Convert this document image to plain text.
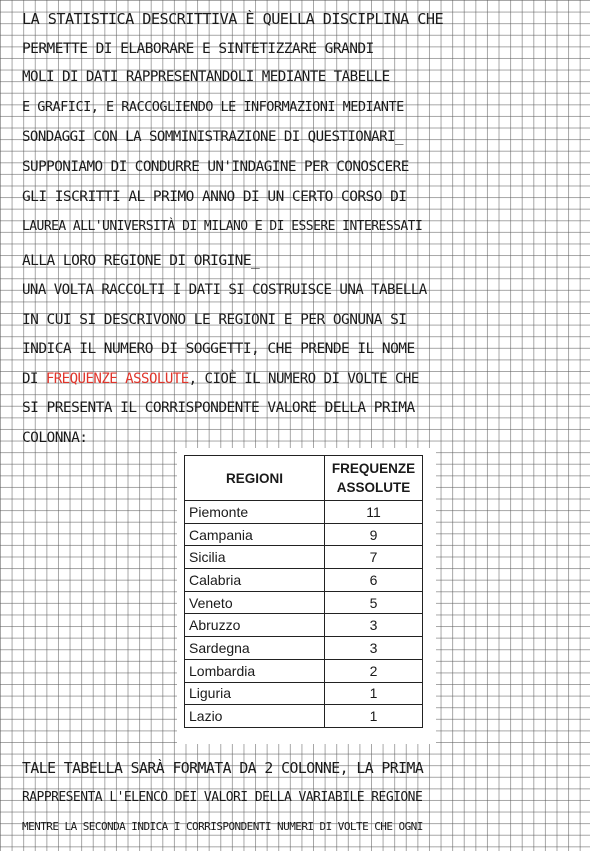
LA STATISTICA DESCRITTIVA È QUELLA DISCIPLINA CHE
PERMETTE DI ELABORARE E SINTETIZZARE GRANDI
MOLI DI DATI RAPPRESENTANDOLI MEDIANTE TABELLE
E GRAFICI, E RACCOGLIENDO LE INFORMAZIONI MEDIANTE
SONDAGGI CON LA SOMMINISTRAZIONE DI QUESTIONARI_
SUPPONIAMO DI CONDURRE UN'INDAGINE PER CONOSCERE
GLI ISCRITTI AL PRIMO ANNO DI UN CERTO CORSO DI
LAUREA ALL'UNIVERSITÀ DI MILANO E DI ESSERE INTERESSATI
ALLA LORO REGIONE DI ORIGINE_
UNA VOLTA RACCOLTI I DATI SI COSTRUISCE UNA TABELLA
IN CUI SI DESCRIVONO LE REGIONI E PER OGNUNA SI
INDICA IL NUMERO DI SOGGETTI, CHE PRENDE IL NOME
DI FREQUENZE ASSOLUTE, CIOÈ IL NUMERO DI VOLTE CHE
SI PRESENTA IL CORRISPONDENTE VALORE DELLA PRIMA
COLONNA:
REGIONI	FREQUENZE
ASSOLUTE
Piemonte	11
Campania	9
Sicilia	7
Calabria	6
Veneto	5
Abruzzo	3
Sardegna	3
Lombardia	2
Liguria	1
Lazio	1
TALE TABELLA SARÀ FORMATA DA 2 COLONNE, LA PRIMA
RAPPRESENTA L'ELENCO DEI VALORI DELLA VARIABILE REGIONE
MENTRE LA SECONDA INDICA I CORRISPONDENTI NUMERI DI VOLTE CHE OGNI
